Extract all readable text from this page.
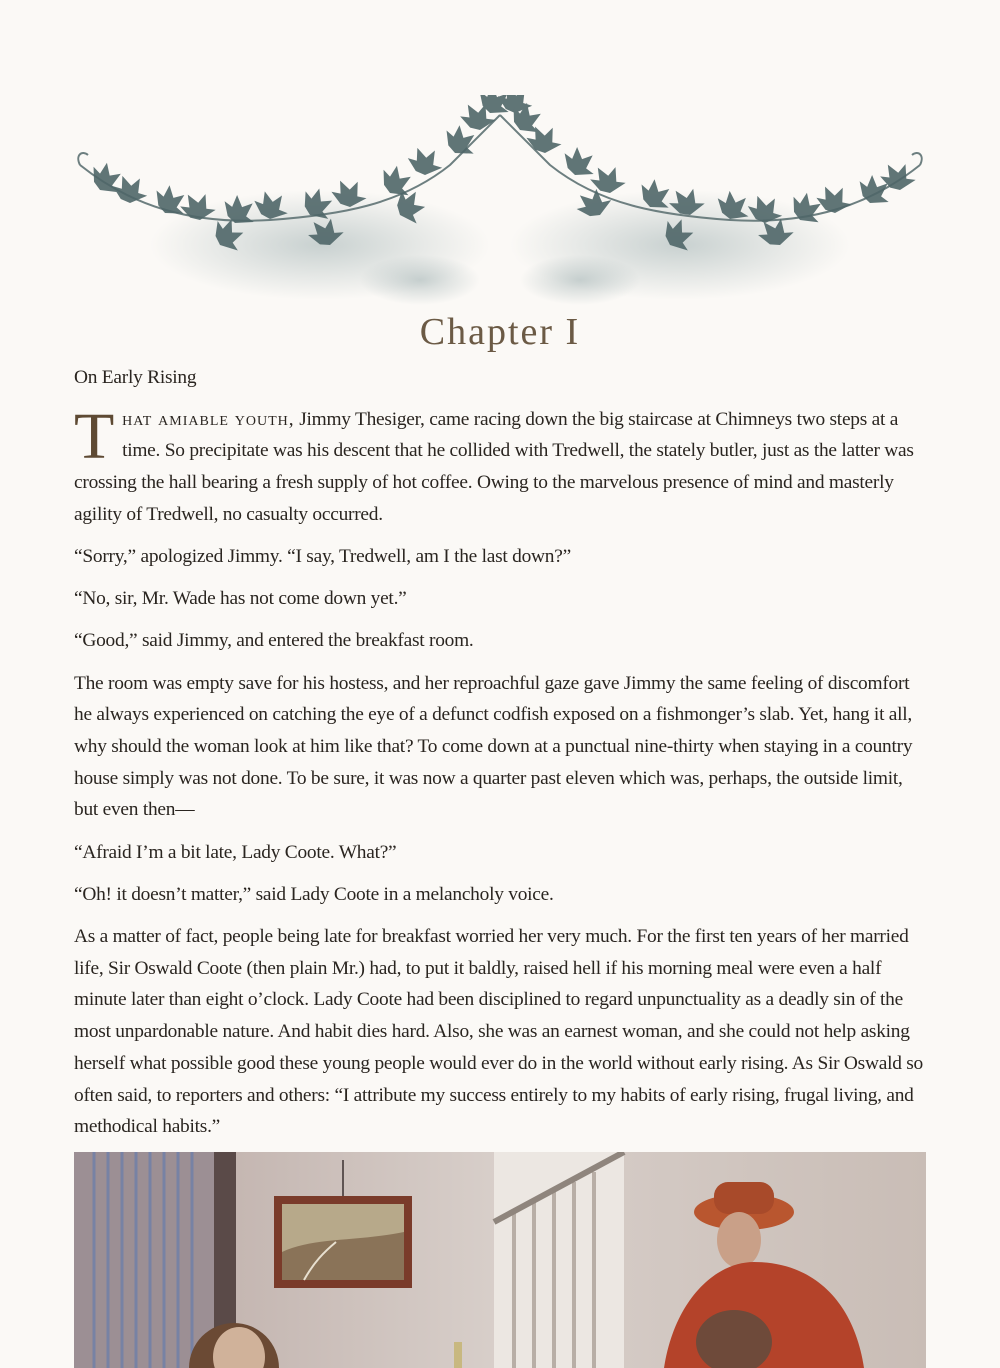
Chapter I
On Early Rising

That amiable youth, Jimmy Thesiger, came racing down the big staircase at Chimneys two steps at a time. So precipitate was his descent that he collided with Tredwell, the stately butler, just as the latter was crossing the hall bearing a fresh supply of hot coffee. Owing to the marvelous presence of mind and masterly agility of Tredwell, no casualty occurred.

“Sorry,” apologized Jimmy. “I say, Tredwell, am I the last down?”

“No, sir, Mr. Wade has not come down yet.”

“Good,” said Jimmy, and entered the breakfast room.

The room was empty save for his hostess, and her reproachful gaze gave Jimmy the same feeling of discomfort he always experienced on catching the eye of a defunct codfish exposed on a fishmonger’s slab. Yet, hang it all, why should the woman look at him like that? To come down at a punctual nine-thirty when staying in a country house simply was not done. To be sure, it was now a quarter past eleven which was, perhaps, the outside limit, but even then—

“Afraid I’m a bit late, Lady Coote. What?”

“Oh! it doesn’t matter,” said Lady Coote in a melancholy voice.

As a matter of fact, people being late for breakfast worried her very much. For the first ten years of her married life, Sir Oswald Coote (then plain Mr.) had, to put it baldly, raised hell if his morning meal were even a half minute later than eight o’clock. Lady Coote had been disciplined to regard unpunctuality as a deadly sin of the most unpardonable nature. And habit dies hard. Also, she was an earnest woman, and she could not help asking herself what possible good these young people would ever do in the world without early rising. As Sir Oswald so often said, to reporters and others: “I attribute my success entirely to my habits of early rising, frugal living, and methodical habits.”
